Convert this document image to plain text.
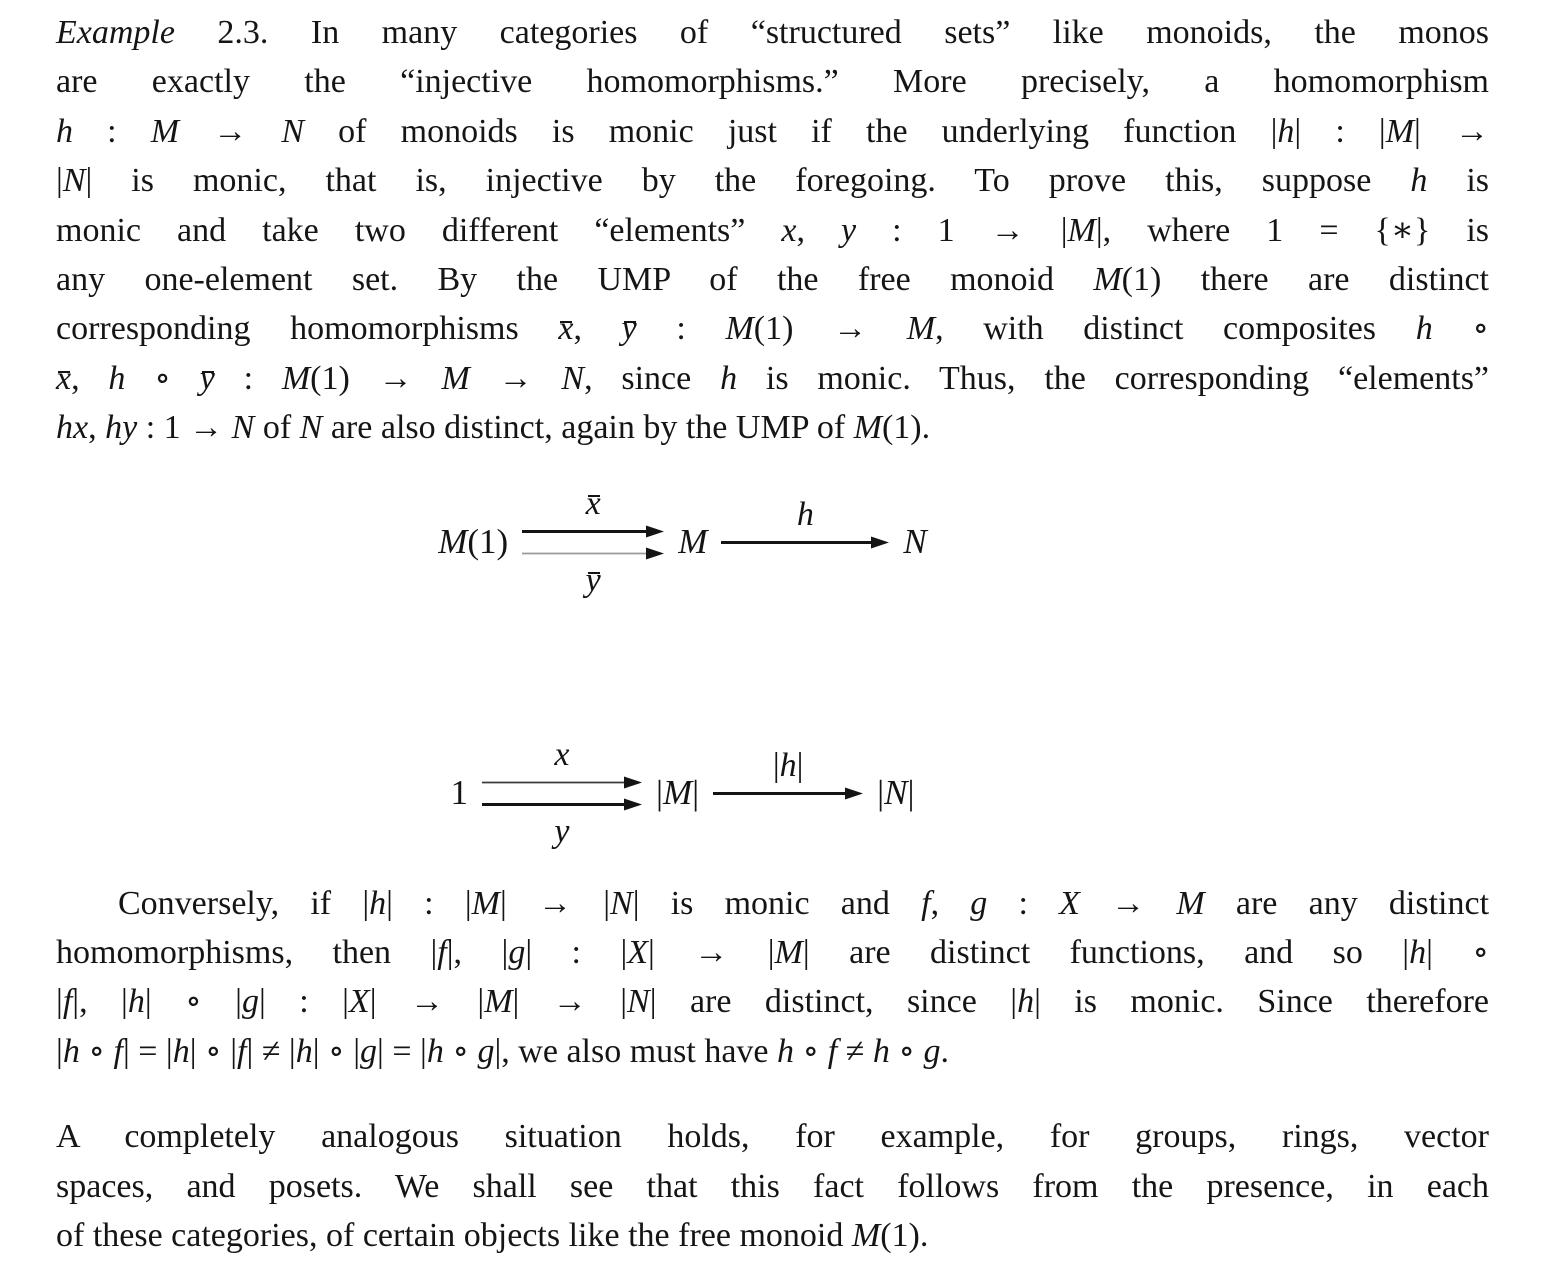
Example 2.3. In many categories of “structured sets” like monoids, the monos
are exactly the “injective homomorphisms.” More precisely, a homomorphism
h : M → N of monoids is monic just if the underlying function |h| : |M| →
|N| is monic, that is, injective by the foregoing. To prove this, suppose h is
monic and take two different “elements” x, y : 1 → |M|, where 1 = {∗} is
any one-element set. By the UMP of the free monoid M(1) there are distinct
corresponding homomorphisms x, y : M(1) → M, with distinct composites h ∘
x, h ∘ y : M(1) → M → N, since h is monic. Thus, the corresponding “elements”
hx, hy : 1 → N of N are also distinct, again by the UMP of M(1).
M(1)
x
y
M
h
N
1
x
y
|M|
|h|
|N|
Conversely, if |h| : |M| → |N| is monic and f, g : X → M are any distinct
homomorphisms, then |f|, |g| : |X| → |M| are distinct functions, and so |h| ∘
|f|, |h| ∘ |g| : |X| → |M| → |N| are distinct, since |h| is monic. Since therefore
|h ∘ f| = |h| ∘ |f| ≠ |h| ∘ |g| = |h ∘ g|, we also must have h ∘ f ≠ h ∘ g.
A completely analogous situation holds, for example, for groups, rings, vector
spaces, and posets. We shall see that this fact follows from the presence, in each
of these categories, of certain objects like the free monoid M(1).
